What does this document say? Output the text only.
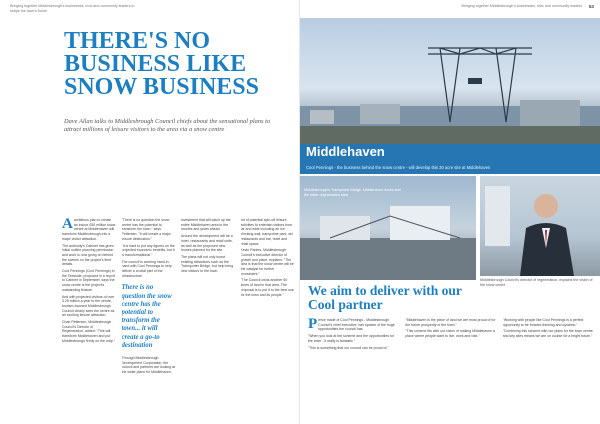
Bringing together Middlesbrough's businesses, civic and community leaders to shape the town's future
THERE'S NO BUSINESS LIKE SNOW BUSINESS
Dave Allan talks to Middlesbrough Council chiefs about the sensational plans to attract millions of leisure visitors to the area via a snow centre

Aambitious plan to create an indoor £50 million snow centre at Middlehaven will transform Middlesbrough into a major visitor attraction.

The authority's Cabinet has given initial outline planning permission and work is now going on behind the scenes on the project's finer details.

Cool Pennings (Cool Pennings) in the Teesside, proposed in a report to Cabinet in September, says the snow centre is the project's outstanding feature.

And with projected visitors of over 3.25 million a year to the centre, tourism-focused Middlesbrough Council clearly sees the centre as an exciting leisure attraction.

Chair Pettersen, Middlesbrough Council's Director of Regeneration, added: "This will transform Middlehaven and put Middlesbrough firmly on the map."

"There is no question the snow centre has the potential to transform the town," says Pettersen. "It will create a major leisure destination."

"It is hard to put any figures on the projected economic benefits, but it is transformational."

The council is working hand-in-hand with Cool Pennings to help deliver a crucial part of the infrastructure.

There is no question the snow centre has the potential to transform the town... it will create a go-to destination

Through Middlesbrough Development Corporation, the council and partners are looking at the wider plans for Middlehaven.

investment that will catch up the entire Middlehaven area in the months and years ahead.

Around the development will be a hotel, restaurants and retail units, as well as the proposed new homes planned for the site.

The plans will not only boost existing attractions such as the Transporter Bridge, but help bring new visitors to the town.

list of potential spin-off leisure activities to entertain visitors from far and wide including an ice climbing wall, trampoline park, ski restaurants and bar, hotel and retail space.

Kevin Parkes, Middlesbrough Council's executive director of growth and place, explains: "The idea is that the snow centre will be the catalyst for further investment."

"The Council owns another 60 acres of land in that area. The proposal is to put it to the best use for the town and its people."

Bringing together Middlesbrough's businesses, civic and community leaders 53
Middlehaven
Cool Pennings - the business behind the snow centre - will develop this 30 acre site at Middlehaven
Middlesbrough's Transporter Bridge, Middlehaven docks and the wider regeneration area
Middlesbrough Council's director of regeneration, explains the vision of the snow centre
We aim to deliver with our Cool partner

Pierce made of Cool Pennings - Middlesbrough Council's chief executive, has spoken of the huge opportunities the council has.

"When you look at the scheme and the opportunities for the town - it really is fantastic."

"This is something that our council can be proud of."

"Middlehaven is the piece of land we are most proud of for the future prosperity of the town."

"This scheme fits with our vision of making Middlehaven a place where people want to live, work and visit."

"Working with people like Cool Pennings is a perfect opportunity to be forward-thinking and dynamic."

"Combining this scheme with our plans for the town centre and key sites means we are on course for a bright future."
